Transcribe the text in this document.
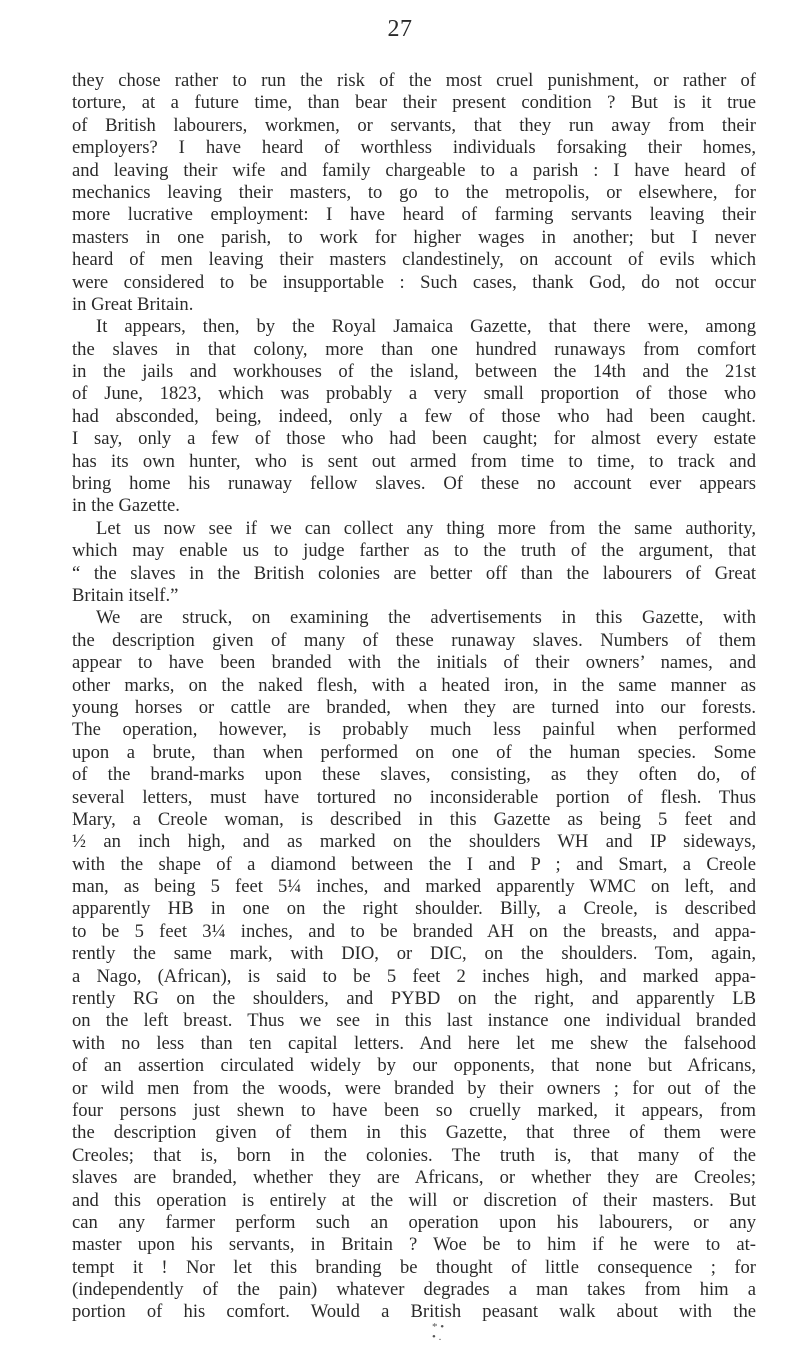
27
they chose rather to run the risk of the most cruel punishment, or rather of
torture, at a future time, than bear their present condition ? But is it true
of British labourers, workmen, or servants, that they run away from their
employers? I have heard of worthless individuals forsaking their homes,
and leaving their wife and family chargeable to a parish : I have heard of
mechanics leaving their masters, to go to the metropolis, or elsewhere, for
more lucrative employment: I have heard of farming servants leaving their
masters in one parish, to work for higher wages in another; but I never
heard of men leaving their masters clandestinely, on account of evils which
were considered to be insupportable : Such cases, thank God, do not occur
in Great Britain.
It appears, then, by the Royal Jamaica Gazette, that there were, among
the slaves in that colony, more than one hundred runaways from comfort
in the jails and workhouses of the island, between the 14th and the 21st
of June, 1823, which was probably a very small proportion of those who
had absconded, being, indeed, only a few of those who had been caught.
I say, only a few of those who had been caught; for almost every estate
has its own hunter, who is sent out armed from time to time, to track and
bring home his runaway fellow slaves. Of these no account ever appears
in the Gazette.
Let us now see if we can collect any thing more from the same authority,
which may enable us to judge farther as to the truth of the argument, that
“ the slaves in the British colonies are better off than the labourers of Great
Britain itself.”
We are struck, on examining the advertisements in this Gazette, with
the description given of many of these runaway slaves. Numbers of them
appear to have been branded with the initials of their owners’ names, and
other marks, on the naked flesh, with a heated iron, in the same manner as
young horses or cattle are branded, when they are turned into our forests.
The operation, however, is probably much less painful when performed
upon a brute, than when performed on one of the human species. Some
of the brand-marks upon these slaves, consisting, as they often do, of
several letters, must have tortured no inconsiderable portion of flesh. Thus
Mary, a Creole woman, is described in this Gazette as being 5 feet and
½ an inch high, and as marked on the shoulders WH and IP sideways,
with the shape of a diamond between the I and P ; and Smart, a Creole
man, as being 5 feet 5¼ inches, and marked apparently WMC on left, and
apparently HB in one on the right shoulder. Billy, a Creole, is described
to be 5 feet 3¼ inches, and to be branded AH on the breasts, and appa-
rently the same mark, with DIO, or DIC, on the shoulders. Tom, again,
a Nago, (African), is said to be 5 feet 2 inches high, and marked appa-
rently RG on the shoulders, and PYBD on the right, and apparently LB
on the left breast. Thus we see in this last instance one individual branded
with no less than ten capital letters. And here let me shew the falsehood
of an assertion circulated widely by our opponents, that none but Africans,
or wild men from the woods, were branded by their owners ; for out of the
four persons just shewn to have been so cruelly marked, it appears, from
the description given of them in this Gazette, that three of them were
Creoles; that is, born in the colonies. The truth is, that many of the
slaves are branded, whether they are Africans, or whether they are Creoles;
and this operation is entirely at the will or discretion of their masters. But
can any farmer perform such an operation upon his labourers, or any
master upon his servants, in Britain ? Woe be to him if he were to at-
tempt it ! Nor let this branding be thought of little consequence ; for
(independently of the pain) whatever degrades a man takes from him a
portion of his comfort. Would a British peasant walk about with the
* •
• .
